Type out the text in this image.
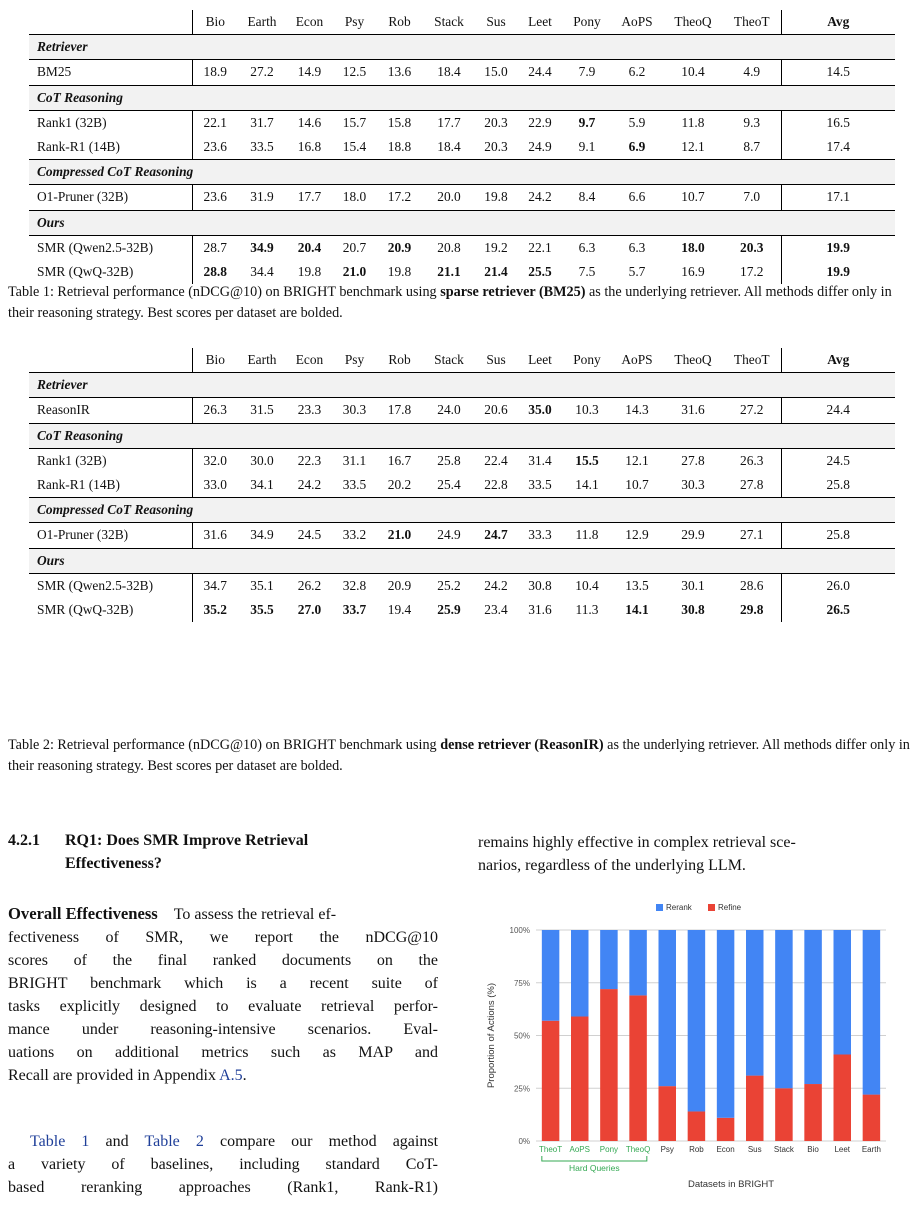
	Bio	Earth	Econ	Psy	Rob	Stack	Sus	Leet	Pony	AoPS	TheoQ	TheoT	Avg
Retriever													
BM25	18.9	27.2	14.9	12.5	13.6	18.4	15.0	24.4	7.9	6.2	10.4	4.9	14.5
CoT Reasoning													
Rank1 (32B)	22.1	31.7	14.6	15.7	15.8	17.7	20.3	22.9	9.7	5.9	11.8	9.3	16.5
Rank-R1 (14B)	23.6	33.5	16.8	15.4	18.8	18.4	20.3	24.9	9.1	6.9	12.1	8.7	17.4
Compressed CoT Reasoning													
O1-Pruner (32B)	23.6	31.9	17.7	18.0	17.2	20.0	19.8	24.2	8.4	6.6	10.7	7.0	17.1
Ours													
SMR (Qwen2.5-32B)	28.7	34.9	20.4	20.7	20.9	20.8	19.2	22.1	6.3	6.3	18.0	20.3	19.9
SMR (QwQ-32B)	28.8	34.4	19.8	21.0	19.8	21.1	21.4	25.5	7.5	5.7	16.9	17.2	19.9
Table 1: Retrieval performance (nDCG@10) on BRIGHT benchmark using sparse retriever (BM25) as the underlying retriever. All methods differ only in their reasoning strategy. Best scores per dataset are bolded.
	Bio	Earth	Econ	Psy	Rob	Stack	Sus	Leet	Pony	AoPS	TheoQ	TheoT	Avg
Retriever													
ReasonIR	26.3	31.5	23.3	30.3	17.8	24.0	20.6	35.0	10.3	14.3	31.6	27.2	24.4
CoT Reasoning													
Rank1 (32B)	32.0	30.0	22.3	31.1	16.7	25.8	22.4	31.4	15.5	12.1	27.8	26.3	24.5
Rank-R1 (14B)	33.0	34.1	24.2	33.5	20.2	25.4	22.8	33.5	14.1	10.7	30.3	27.8	25.8
Compressed CoT Reasoning													
O1-Pruner (32B)	31.6	34.9	24.5	33.2	21.0	24.9	24.7	33.3	11.8	12.9	29.9	27.1	25.8
Ours													
SMR (Qwen2.5-32B)	34.7	35.1	26.2	32.8	20.9	25.2	24.2	30.8	10.4	13.5	30.1	28.6	26.0
SMR (QwQ-32B)	35.2	35.5	27.0	33.7	19.4	25.9	23.4	31.6	11.3	14.1	30.8	29.8	26.5
Table 2: Retrieval performance (nDCG@10) on BRIGHT benchmark using dense retriever (ReasonIR) as the underlying retriever. All methods differ only in their reasoning strategy. Best scores per dataset are bolded.
4.2.1 RQ1: Does SMR Improve Retrieval
Effectiveness?
Overall Effectiveness To assess the retrieval ef-
fectiveness of SMR, we report the nDCG@10
scores of the final ranked documents on the
BRIGHT benchmark which is a recent suite of
tasks explicitly designed to evaluate retrieval perfor-
mance under reasoning-intensive scenarios. Eval-
uations on additional metrics such as MAP and
Recall are provided in Appendix A.5.
Table 1 and Table 2 compare our method against
a variety of baselines, including standard CoT-
based reranking approaches (Rank1, Rank-R1)
remains highly effective in complex retrieval sce-
narios, regardless of the underlying LLM.
0%
25%
50%
75%
100%
TheoT AoPS Pony TheoQ Psy Rob Econ Sus Stack Bio Leet Earth
Hard Queries
Datasets in BRIGHT
Proportion of Actions (%)
Rerank	Refine
